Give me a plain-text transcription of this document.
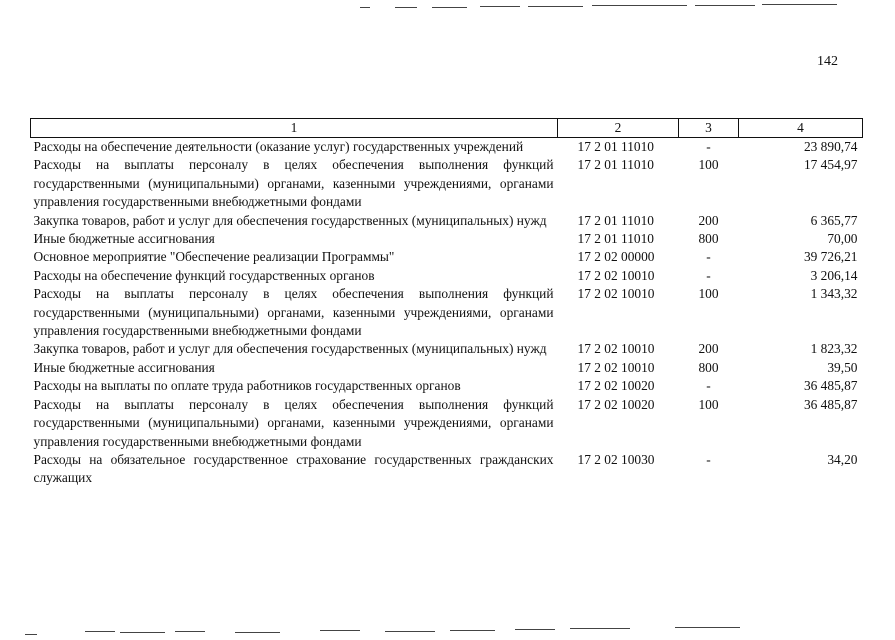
142
1	2	3	4
Расходы на обеспечение деятельности (оказание услуг) государственных учреждений	17 2 01 11010	-	23 890,74
Расходы на выплаты персоналу в целях обеспечения выполнения функций государственными (муниципальными) органами, казенными учреждениями, органами управления государственными внебюджетными фондами	17 2 01 11010	100	17 454,97
Закупка товаров, работ и услуг для обеспечения государственных (муниципальных) нужд	17 2 01 11010	200	6 365,77
Иные бюджетные ассигнования	17 2 01 11010	800	70,00
Основное мероприятие "Обеспечение реализации Программы"	17 2 02 00000	-	39 726,21
Расходы на обеспечение функций государственных органов	17 2 02 10010	-	3 206,14
Расходы на выплаты персоналу в целях обеспечения выполнения функций государственными (муниципальными) органами, казенными учреждениями, органами управления государственными внебюджетными фондами	17 2 02 10010	100	1 343,32
Закупка товаров, работ и услуг для обеспечения государственных (муниципальных) нужд	17 2 02 10010	200	1 823,32
Иные бюджетные ассигнования	17 2 02 10010	800	39,50
Расходы на выплаты по оплате труда работников государственных органов	17 2 02 10020	-	36 485,87
Расходы на выплаты персоналу в целях обеспечения выполнения функций государственными (муниципальными) органами, казенными учреждениями, органами управления государственными внебюджетными фондами	17 2 02 10020	100	36 485,87
Расходы на обязательное государственное страхование государственных гражданских служащих	17 2 02 10030	-	34,20
